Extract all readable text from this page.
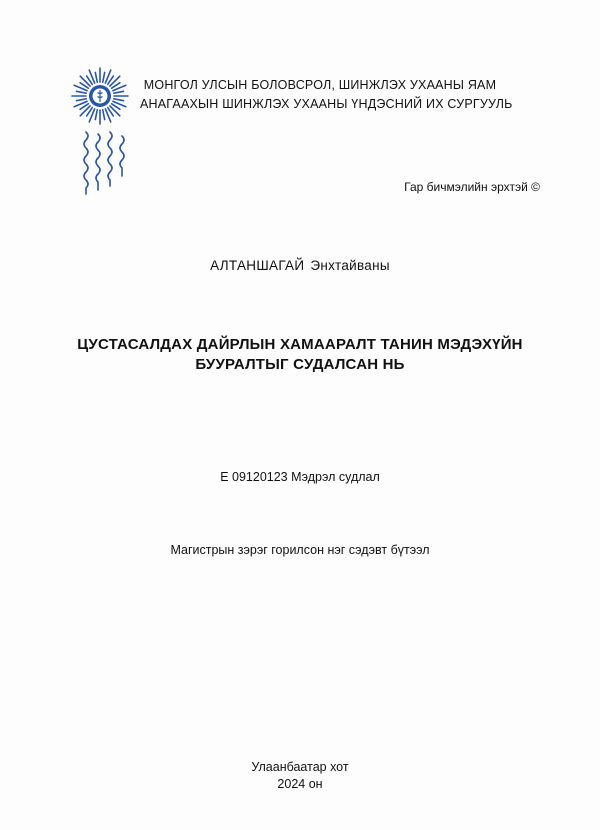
МОНГОЛ УЛСЫН БОЛОВСРОЛ, ШИНЖЛЭХ УХААНЫ ЯАМ
АНАГААХЫН ШИНЖЛЭХ УХААНЫ ҮНДЭСНИЙ ИХ СУРГУУЛЬ
Гар бичмэлийн эрхтэй ©
АЛТАНШАГАЙ Энхтайваны
ЦУСТАСАЛДАХ ДАЙРЛЫН ХАМААРАЛТ ТАНИН МЭДЭХҮЙН
БУУРАЛТЫГ СУДАЛСАН НЬ
Е 09120123 Мэдрэл судлал
Магистрын зэрэг горилсон нэг сэдэвт бүтээл
Улаанбаатар хот
2024 он
